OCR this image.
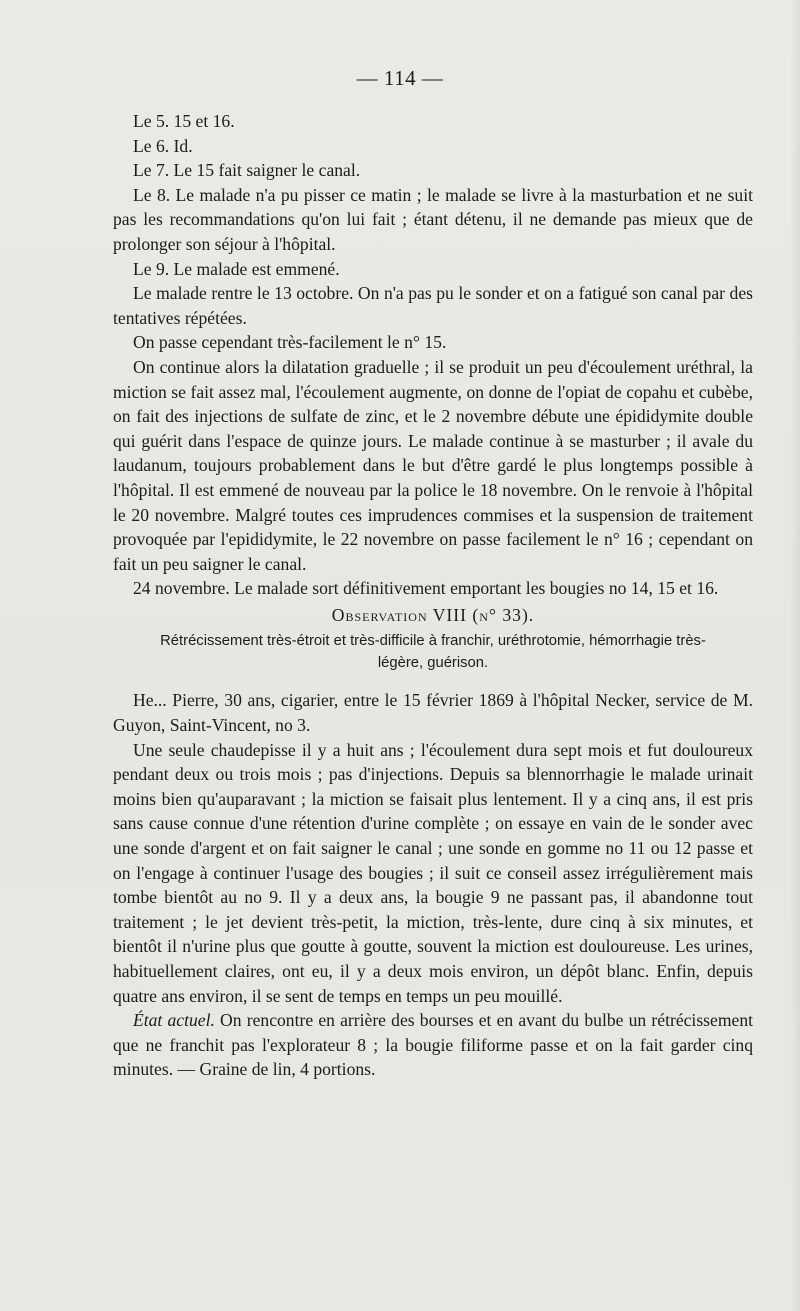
— 114 —

Le 5. 15 et 16.

Le 6. Id.

Le 7. Le 15 fait saigner le canal.

Le 8. Le malade n'a pu pisser ce matin ; le malade se livre à la masturbation et ne suit pas les recommandations qu'on lui fait ; étant détenu, il ne demande pas mieux que de prolonger son séjour à l'hôpital.

Le 9. Le malade est emmené.

Le malade rentre le 13 octobre. On n'a pas pu le sonder et on a fatigué son canal par des tentatives répétées.

On passe cependant très-facilement le n° 15.

On continue alors la dilatation graduelle ; il se produit un peu d'écoulement uréthral, la miction se fait assez mal, l'écoulement augmente, on donne de l'opiat de copahu et cubèbe, on fait des injections de sulfate de zinc, et le 2 novembre débute une épididymite double qui guérit dans l'espace de quinze jours. Le malade continue à se masturber ; il avale du laudanum, toujours probablement dans le but d'être gardé le plus longtemps possible à l'hôpital. Il est emmené de nouveau par la police le 18 novembre. On le renvoie à l'hôpital le 20 novembre. Malgré toutes ces imprudences commises et la suspension de traitement provoquée par l'epididymite, le 22 novembre on passe facilement le n° 16 ; cependant on fait un peu saigner le canal.

24 novembre. Le malade sort définitivement emportant les bougies no 14, 15 et 16.

Observation VIII (n° 33).

Rétrécissement très-étroit et très-difficile à franchir, uréthrotomie, hémorrhagie très-légère, guérison.

He... Pierre, 30 ans, cigarier, entre le 15 février 1869 à l'hôpital Necker, service de M. Guyon, Saint-Vincent, no 3.

Une seule chaudepisse il y a huit ans ; l'écoulement dura sept mois et fut douloureux pendant deux ou trois mois ; pas d'injections. Depuis sa blennorrhagie le malade urinait moins bien qu'auparavant ; la miction se faisait plus lentement. Il y a cinq ans, il est pris sans cause connue d'une rétention d'urine complète ; on essaye en vain de le sonder avec une sonde d'argent et on fait saigner le canal ; une sonde en gomme no 11 ou 12 passe et on l'engage à continuer l'usage des bougies ; il suit ce conseil assez irrégulièrement mais tombe bientôt au no 9. Il y a deux ans, la bougie 9 ne passant pas, il abandonne tout traitement ; le jet devient très-petit, la miction, très-lente, dure cinq à six minutes, et bientôt il n'urine plus que goutte à goutte, souvent la miction est douloureuse. Les urines, habituellement claires, ont eu, il y a deux mois environ, un dépôt blanc. Enfin, depuis quatre ans environ, il se sent de temps en temps un peu mouillé.

État actuel. On rencontre en arrière des bourses et en avant du bulbe un rétrécissement que ne franchit pas l'explorateur 8 ; la bougie filiforme passe et on la fait garder cinq minutes. — Graine de lin, 4 portions.
